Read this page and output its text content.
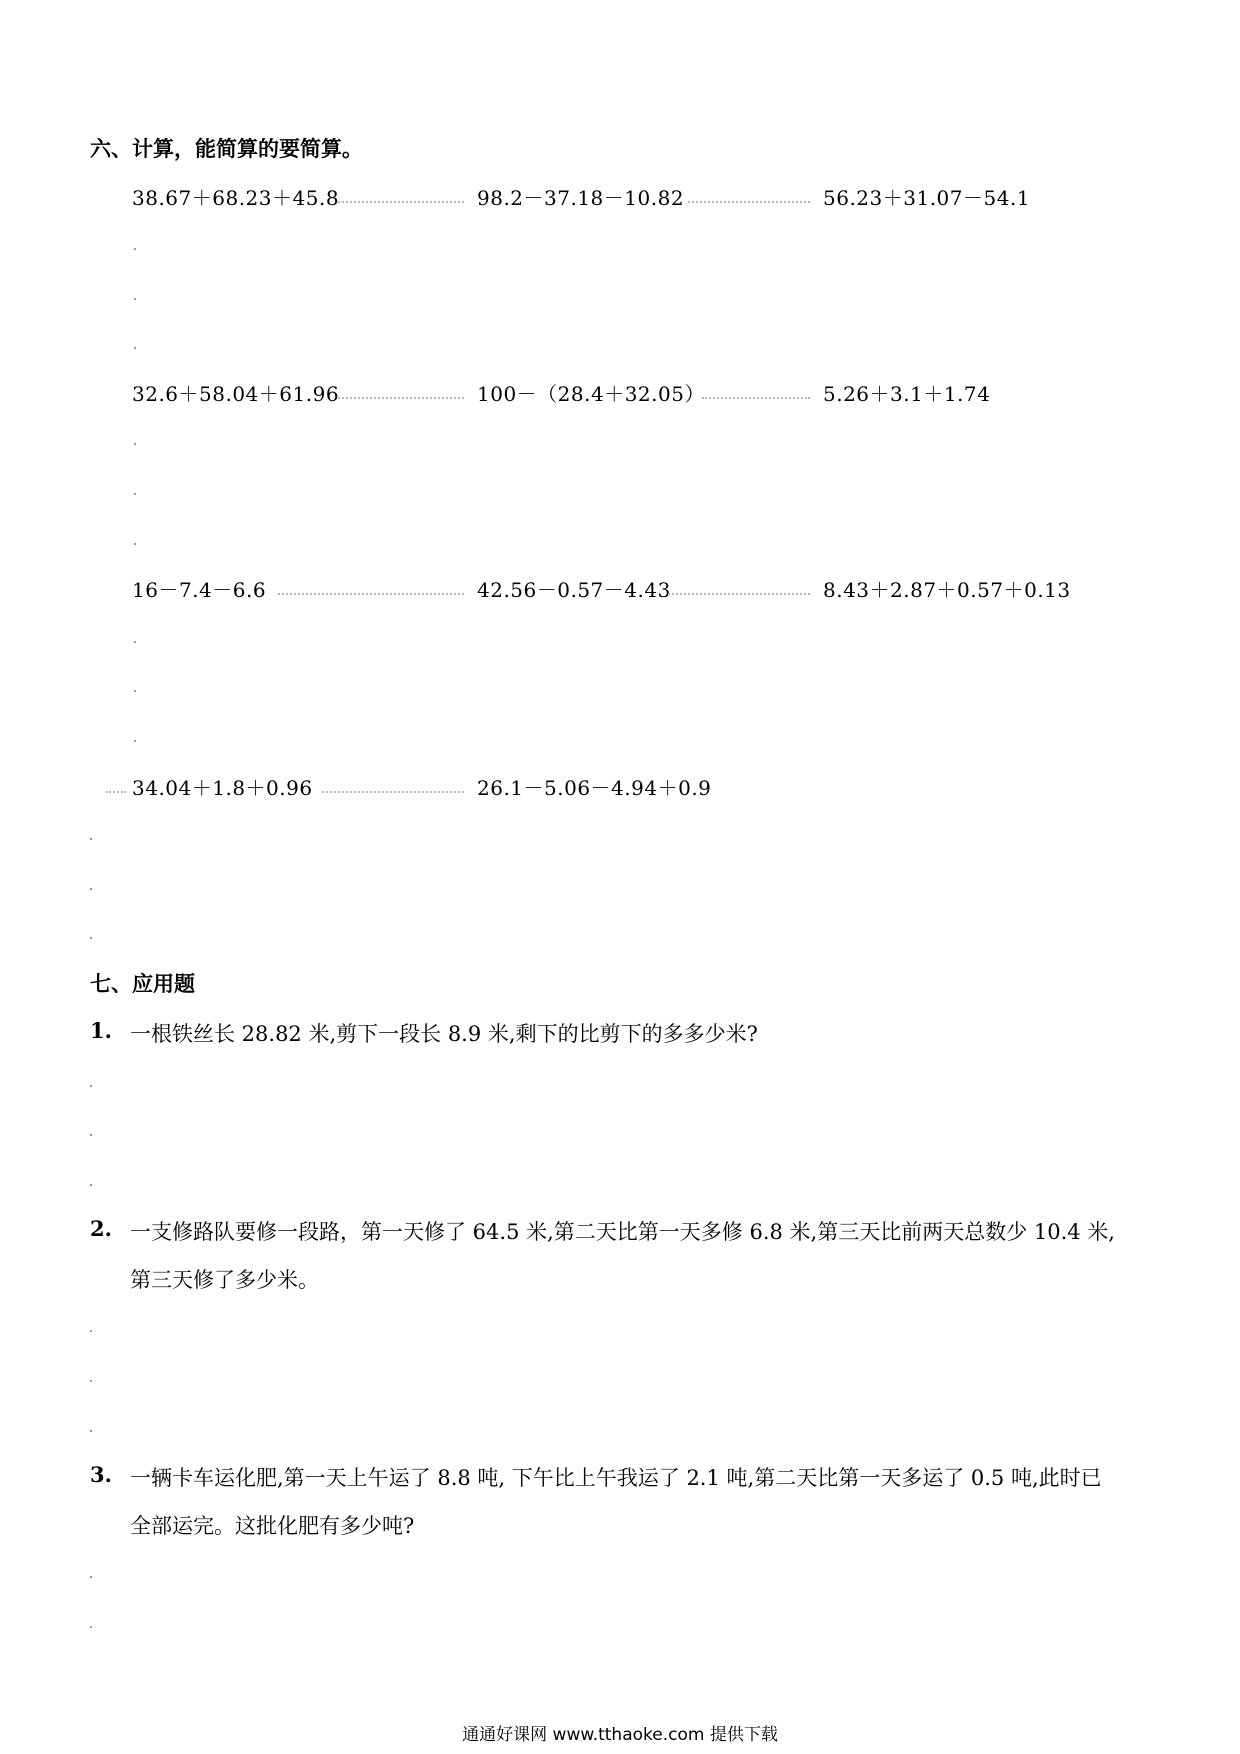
六、计算，能简算的要简算。
38.67＋68.23＋45.8	98.2－37.18－10.82	56.23＋31.07－54.1
32.6＋58.04＋61.96	100－（28.4＋32.05）	5.26＋3.1＋1.74
16－7.4－6.6	42.56－0.57－4.43	8.43＋2.87＋0.57＋0.13
34.04＋1.8＋0.96	26.1－5.06－4.94＋0.9
七、应用题
1. 一根铁丝长 28.82 米,剪下一段长 8.9 米,剩下的比剪下的多多少米?
2. 一支修路队要修一段路，第一天修了 64.5 米,第二天比第一天多修 6.8 米,第三天比前两天总数少 10.4 米,
第三天修了多少米。
3. 一辆卡车运化肥,第一天上午运了 8.8 吨, 下午比上午我运了 2.1 吨,第二天比第一天多运了 0.5 吨,此时已
全部运完。这批化肥有多少吨?
通通好课网 www.tthaoke.com 提供下载
